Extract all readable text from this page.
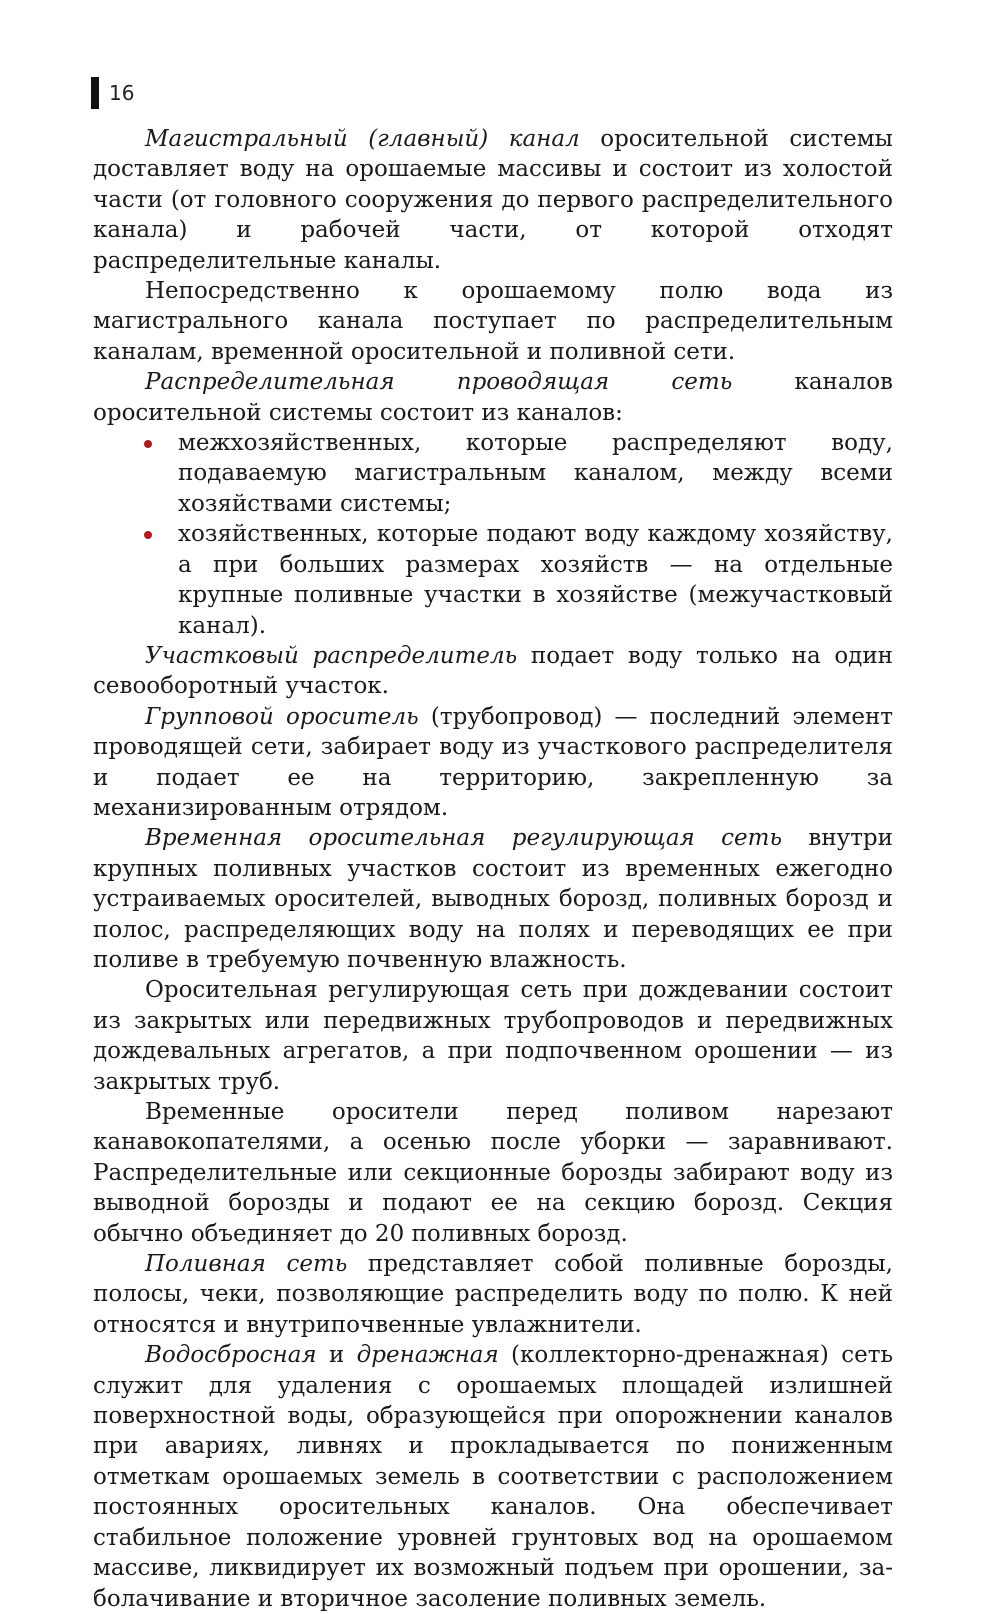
16

Магистральный (главный) канал оросительной системы доставляет воду на орошаемые массивы и состоит из холостой части (от головного сооружения до первого распределительного канала) и рабочей части, от которой отходят распределительные каналы.

Непосредственно к орошаемому полю вода из магистрального канала поступает по распределительным каналам, временной оросительной и поливной сети.

Распределительная проводящая сеть каналов оросительной системы состоит из каналов:

межхозяйственных, которые распределяют воду, подаваемую магистральным каналом, между всеми хозяйствами системы;
хозяйственных, которые подают воду каждому хозяйству, а при больших размерах хозяйств — на отдельные крупные поливные участки в хозяйстве (межучастковый канал).

Участковый распределитель подает воду только на один севооборотный участок.

Групповой ороситель (трубопровод) — последний элемент проводящей сети, забирает воду из участкового распределителя и подает ее на территорию, закрепленную за механизированным отрядом.

Временная оросительная регулирующая сеть внутри крупных поливных участков состоит из временных ежегодно устраиваемых оросителей, выводных борозд, поливных борозд и полос, распределяющих воду на полях и переводящих ее при поливе в требуемую почвенную влажность.

Оросительная регулирующая сеть при дождевании состоит из закрытых или передвижных трубопроводов и передвижных дождевальных агрегатов, а при подпочвенном орошении — из закрытых труб.

Временные оросители перед поливом нарезают канавокопателями, а осенью после уборки — заравнивают. Распределительные или секционные борозды забирают воду из выводной борозды и подают ее на секцию борозд. Секция обычно объединяет до 20 поливных борозд.

Поливная сеть представляет собой поливные борозды, полосы, чеки, позволяющие распределить воду по полю. К ней относятся и внутрипочвенные увлажнители.

Водосбросная и дренажная (коллекторно-дренажная) сеть служит для удаления с орошаемых площадей излишней поверхностной воды, образующейся при опорожнении каналов при авариях, ливнях и прокладывается по пониженным отметкам орошаемых земель в соответствии с расположением постоянных оросительных каналов. Она обеспечивает стабильное положение уровней грунтовых вод на орошаемом массиве, ликвидирует их возможный подъем при орошении, заболачивание и вторичное засоление поливных земель.
